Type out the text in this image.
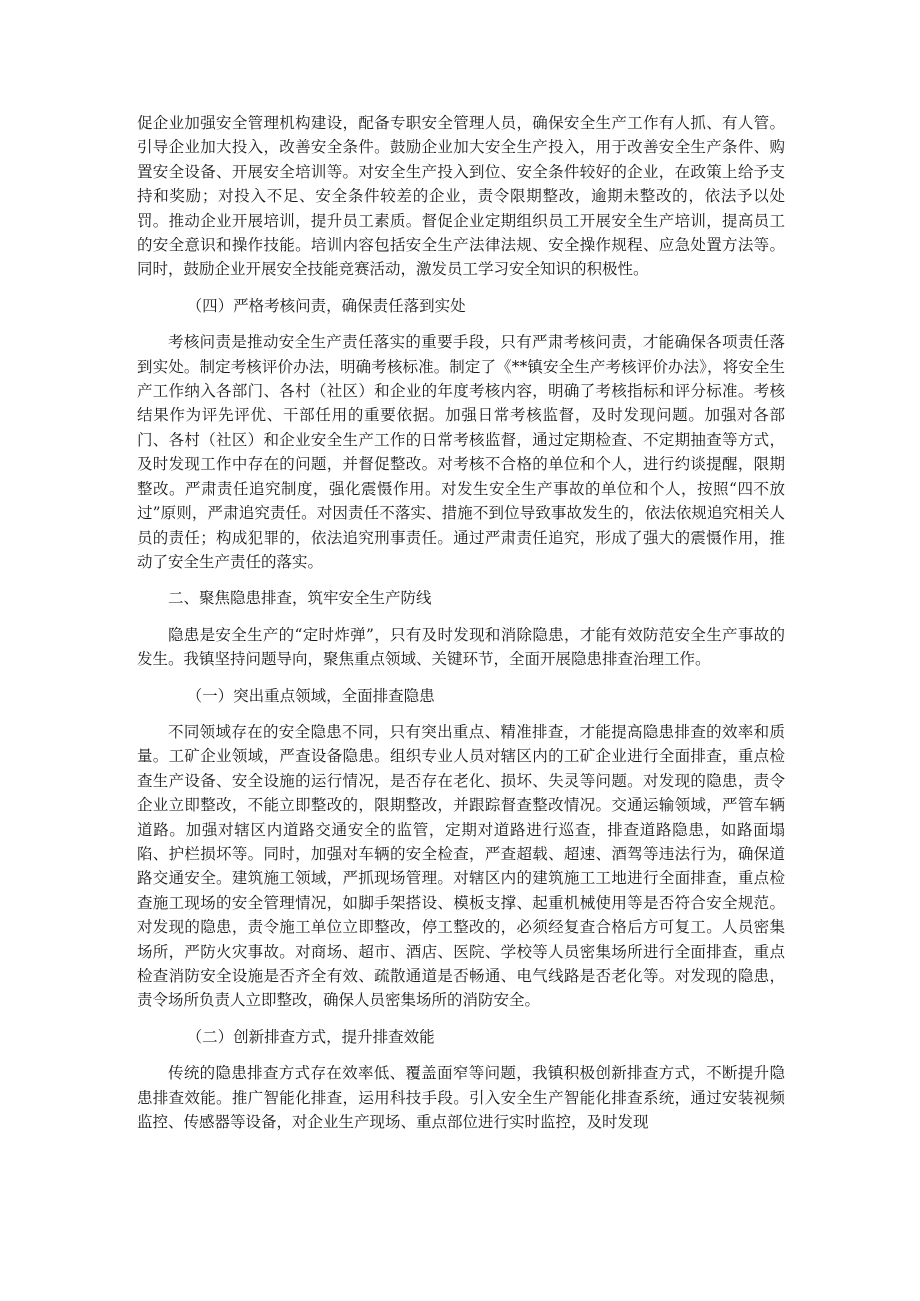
促企业加强安全管理机构建设，配备专职安全管理人员，确保安全生产工作有人抓、有人管。引导企业加大投入，改善安全条件。鼓励企业加大安全生产投入，用于改善安全生产条件、购置安全设备、开展安全培训等。对安全生产投入到位、安全条件较好的企业，在政策上给予支持和奖励；对投入不足、安全条件较差的企业，责令限期整改，逾期未整改的，依法予以处罚。推动企业开展培训，提升员工素质。督促企业定期组织员工开展安全生产培训，提高员工的安全意识和操作技能。培训内容包括安全生产法律法规、安全操作规程、应急处置方法等。同时，鼓励企业开展安全技能竞赛活动，激发员工学习安全知识的积极性。

（四）严格考核问责，确保责任落到实处

考核问责是推动安全生产责任落实的重要手段，只有严肃考核问责，才能确保各项责任落到实处。制定考核评价办法，明确考核标准。制定了《**镇安全生产考核评价办法》，将安全生产工作纳入各部门、各村（社区）和企业的年度考核内容，明确了考核指标和评分标准。考核结果作为评先评优、干部任用的重要依据。加强日常考核监督，及时发现问题。加强对各部门、各村（社区）和企业安全生产工作的日常考核监督，通过定期检查、不定期抽查等方式，及时发现工作中存在的问题，并督促整改。对考核不合格的单位和个人，进行约谈提醒，限期整改。严肃责任追究制度，强化震慑作用。对发生安全生产事故的单位和个人，按照“四不放过”原则，严肃追究责任。对因责任不落实、措施不到位导致事故发生的，依法依规追究相关人员的责任；构成犯罪的，依法追究刑事责任。通过严肃责任追究，形成了强大的震慑作用，推动了安全生产责任的落实。

二、聚焦隐患排查，筑牢安全生产防线

隐患是安全生产的“定时炸弹”，只有及时发现和消除隐患，才能有效防范安全生产事故的发生。我镇坚持问题导向，聚焦重点领域、关键环节，全面开展隐患排查治理工作。

（一）突出重点领域，全面排查隐患

不同领域存在的安全隐患不同，只有突出重点、精准排查，才能提高隐患排查的效率和质量。工矿企业领域，严查设备隐患。组织专业人员对辖区内的工矿企业进行全面排查，重点检查生产设备、安全设施的运行情况，是否存在老化、损坏、失灵等问题。对发现的隐患，责令企业立即整改，不能立即整改的，限期整改，并跟踪督查整改情况。交通运输领域，严管车辆道路。加强对辖区内道路交通安全的监管，定期对道路进行巡查，排查道路隐患，如路面塌陷、护栏损坏等。同时，加强对车辆的安全检查，严查超载、超速、酒驾等违法行为，确保道路交通安全。建筑施工领域，严抓现场管理。对辖区内的建筑施工工地进行全面排查，重点检查施工现场的安全管理情况，如脚手架搭设、模板支撑、起重机械使用等是否符合安全规范。对发现的隐患，责令施工单位立即整改，停工整改的，必须经复查合格后方可复工。人员密集场所，严防火灾事故。对商场、超市、酒店、医院、学校等人员密集场所进行全面排查，重点检查消防安全设施是否齐全有效、疏散通道是否畅通、电气线路是否老化等。对发现的隐患，责令场所负责人立即整改，确保人员密集场所的消防安全。

（二）创新排查方式，提升排查效能

传统的隐患排查方式存在效率低、覆盖面窄等问题，我镇积极创新排查方式，不断提升隐患排查效能。推广智能化排查，运用科技手段。引入安全生产智能化排查系统，通过安装视频监控、传感器等设备，对企业生产现场、重点部位进行实时监控，及时发现
